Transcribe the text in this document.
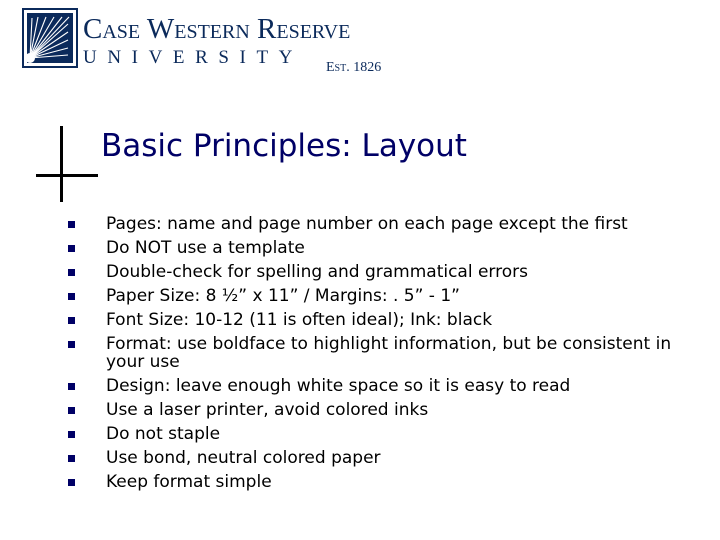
Case Western Reserve
UNIVERSITY Est. 1826
Basic Principles: Layout
Pages: name and page number on each page except the first
Do NOT use a template
Double-check for spelling and grammatical errors
Paper Size: 8 ½” x 11” / Margins: . 5” - 1”
Font Size: 10-12 (11 is often ideal); Ink: black
Format: use boldface to highlight information, but be consistent in your use
Design: leave enough white space so it is easy to read
Use a laser printer, avoid colored inks
Do not staple
Use bond, neutral colored paper
Keep format simple
